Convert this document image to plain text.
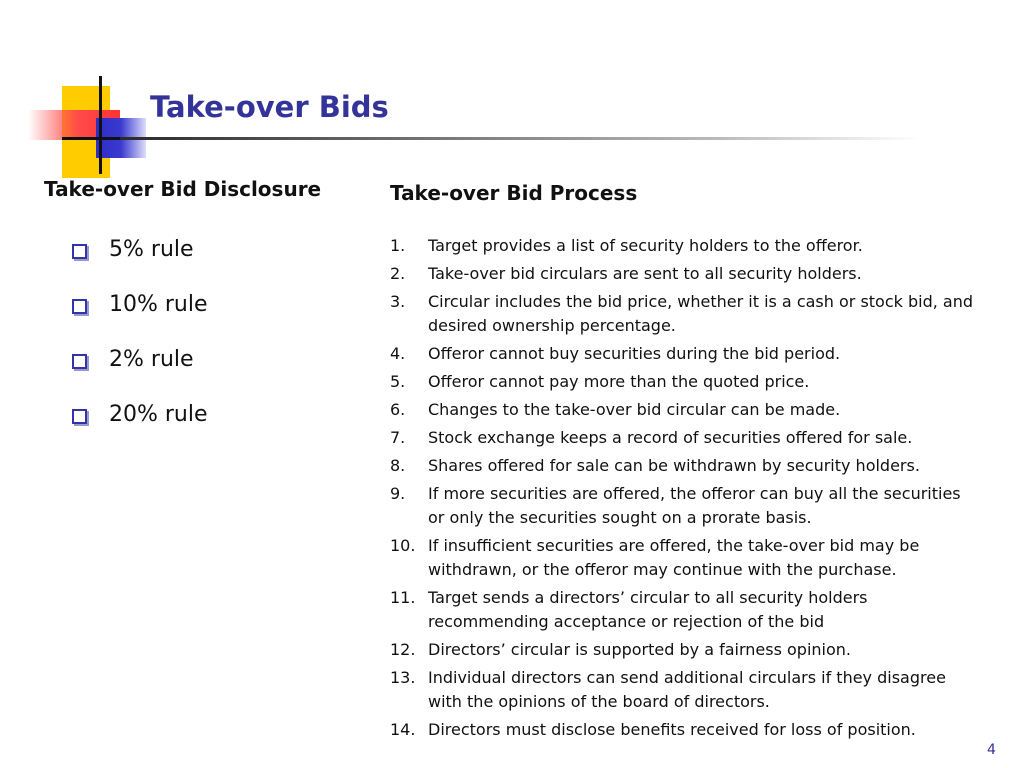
Take-over Bids
Take-over Bid Disclosure
5% rule
10% rule
2% rule
20% rule
Take-over Bid Process
1.	Target provides a list of security holders to the offeror.
2.	Take-over bid circulars are sent to all security holders.
3.	Circular includes the bid price, whether it is a cash or stock bid, and desired ownership percentage.
4.	Offeror cannot buy securities during the bid period.
5.	Offeror cannot pay more than the quoted price.
6.	Changes to the take-over bid circular can be made.
7.	Stock exchange keeps a record of securities offered for sale.
8.	Shares offered for sale can be withdrawn by security holders.
9.	If more securities are offered, the offeror can buy all the securities or only the securities sought on a prorate basis.
10. If insufficient securities are offered, the take-over bid may be withdrawn, or the offeror may continue with the purchase.
11. Target sends a directors’ circular to all security holders recommending acceptance or rejection of the bid
12. Directors’ circular is supported by a fairness opinion.
13. Individual directors can send additional circulars if they disagree with the opinions of the board of directors.
14. Directors must disclose benefits received for loss of position.
4
